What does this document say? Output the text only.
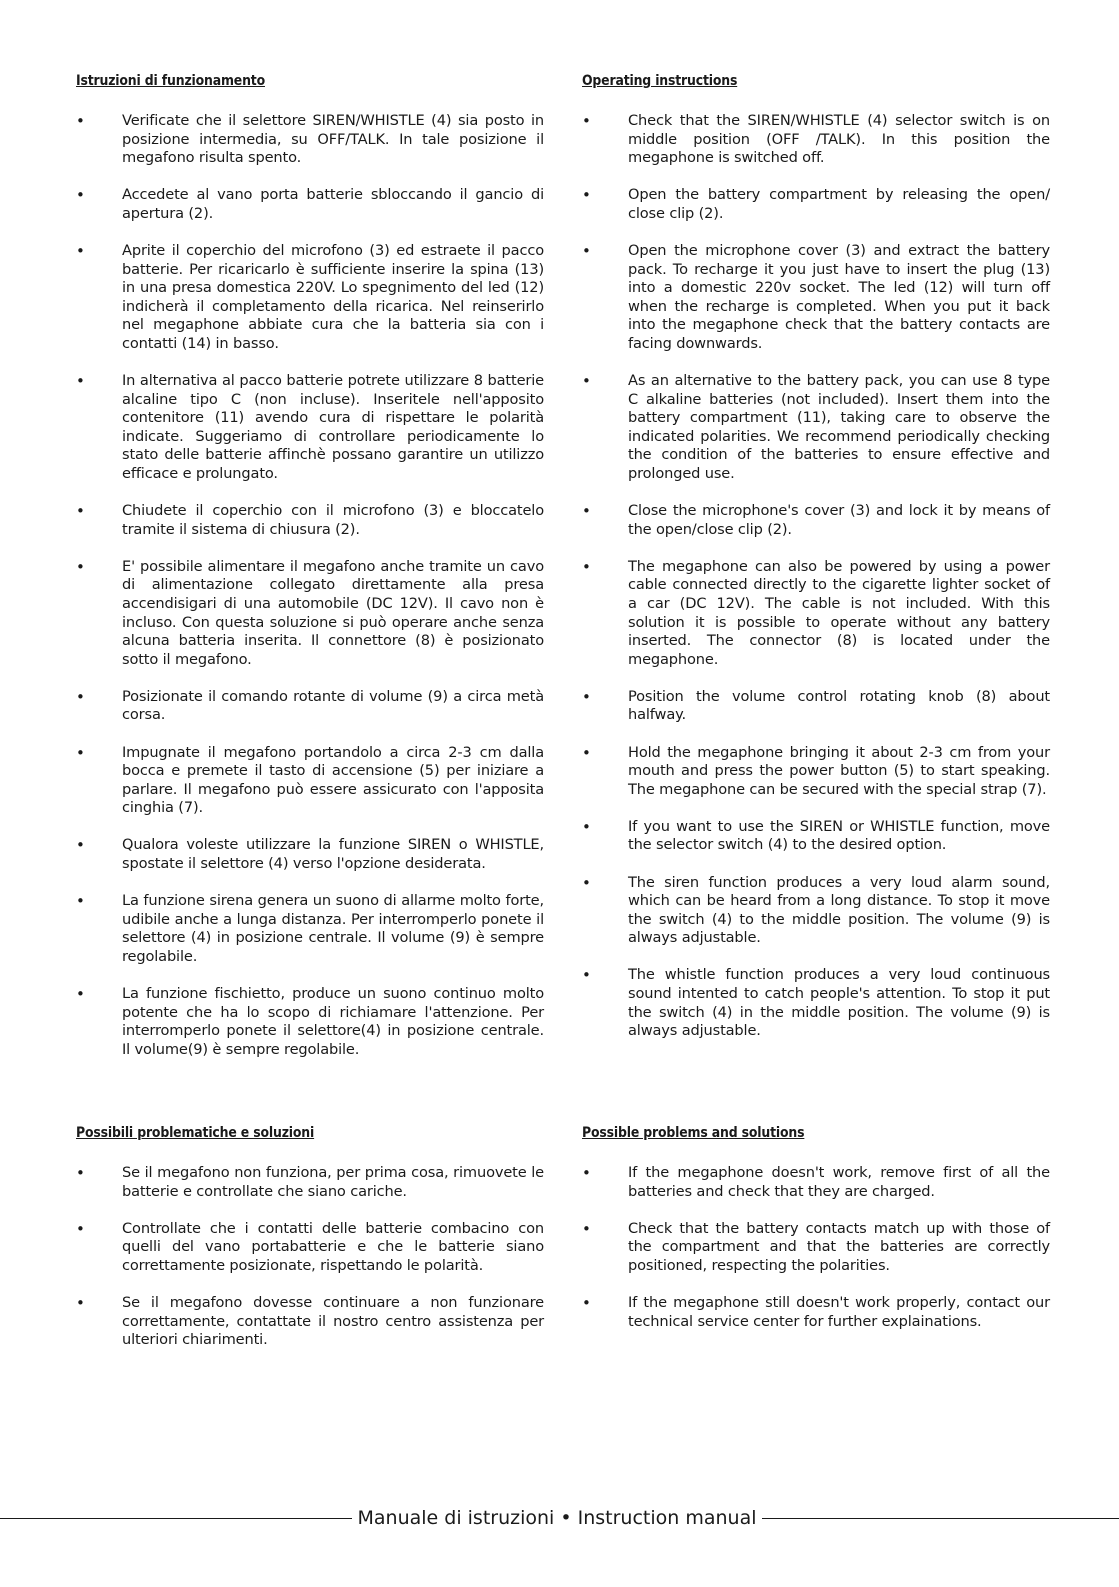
Istruzioni di funzionamento
•	Verificate che il selettore SIREN/WHISTLE (4) sia posto in posizione intermedia, su OFF/TALK. In tale posizione il megafono risulta spento.
•	Accedete al vano porta batterie sbloccando il gancio di apertura (2).
•	Aprite il coperchio del microfono (3) ed estraete il pacco batterie. Per ricaricarlo è sufficiente inserire la spina (13) in una presa domestica 220V. Lo spegnimento del led (12) indicherà il completamento della ricarica. Nel reinserirlo nel megaphone abbiate cura che la batteria sia con i contatti (14) in basso.
•	In alternativa al pacco batterie potrete utilizzare 8 batterie alcaline tipo C (non incluse). Inseritele nell'apposito contenitore (11) avendo cura di rispettare le polarità indicate. Suggeriamo di controllare periodicamente lo stato delle batterie affinchè possano garantire un utilizzo efficace e prolungato.
•	Chiudete il coperchio con il microfono (3) e bloccatelo tramite il sistema di chiusura (2).
•	E' possibile alimentare il megafono anche tramite un cavo di alimentazione collegato direttamente alla presa accendisigari di una automobile (DC 12V). Il cavo non è incluso. Con questa soluzione si può operare anche senza alcuna batteria inserita. Il connettore (8) è posizionato sotto il megafono.
•	Posizionate il comando rotante di volume (9) a circa metà corsa.
•	Impugnate il megafono portandolo a circa 2-3 cm dalla bocca e premete il tasto di accensione (5) per iniziare a parlare. Il megafono può essere assicurato con l'apposita cinghia (7).
•	Qualora voleste utilizzare la funzione SIREN o WHISTLE, spostate il selettore (4) verso l'opzione desiderata.
•	La funzione sirena genera un suono di allarme molto forte, udibile anche a lunga distanza. Per interromperlo ponete il selettore (4) in posizione centrale. Il volume (9) è sempre regolabile.
•	La funzione fischietto, produce un suono continuo molto potente che ha lo scopo di richiamare l'attenzione. Per interromperlo ponete il selettore(4) in posizione centrale. Il volume(9) è sempre regolabile.
Possibili problematiche e soluzioni
•	Se il megafono non funziona, per prima cosa, rimuovete le batterie e controllate che siano cariche.
•	Controllate che i contatti delle batterie combacino con quelli del vano portabatterie e che le batterie siano correttamente posizionate, rispettando le polarità.
•	Se il megafono dovesse continuare a non funzionare correttamente, contattate il nostro centro assistenza per ulteriori chiarimenti.
Operating instructions
•	Check that the SIREN/WHISTLE (4) selector switch is on middle position (OFF /TALK). In this position the megaphone is switched off.
•	Open the battery compartment by releasing the open/ close clip (2).
•	Open the microphone cover (3) and extract the battery pack. To recharge it you just have to insert the plug (13) into a domestic 220v socket. The led (12) will turn off when the recharge is completed. When you put it back into the megaphone check that the battery contacts are facing downwards.
•	As an alternative to the battery pack, you can use 8 type C alkaline batteries (not included). Insert them into the battery compartment (11), taking care to observe the indicated polarities. We recommend periodically checking the condition of the batteries to ensure effective and prolonged use.
•	Close the microphone's cover (3) and lock it by means of the open/close clip (2).
•	The megaphone can also be powered by using a power cable connected directly to the cigarette lighter socket of a car (DC 12V). The cable is not included. With this solution it is possible to operate without any battery inserted. The connector (8) is located under the megaphone.
•	Position the volume control rotating knob (8) about halfway.
•	Hold the megaphone bringing it about 2-3 cm from your mouth and press the power button (5) to start speaking. The megaphone can be secured with the special strap (7).
•	If you want to use the SIREN or WHISTLE function, move the selector switch (4) to the desired option.
•	The siren function produces a very loud alarm sound, which can be heard from a long distance. To stop it move the switch (4) to the middle position. The volume (9) is always adjustable.
•	The whistle function produces a very loud continuous sound intented to catch people's attention. To stop it put the switch (4) in the middle position. The volume (9) is always adjustable.
Possible problems and solutions
•	If the megaphone doesn't work, remove first of all the batteries and check that they are charged.
•	Check that the battery contacts match up with those of the compartment and that the batteries are correctly positioned, respecting the polarities.
•	If the megaphone still doesn't work properly, contact our technical service center for further explainations.
Manuale di istruzioni • Instruction manual
